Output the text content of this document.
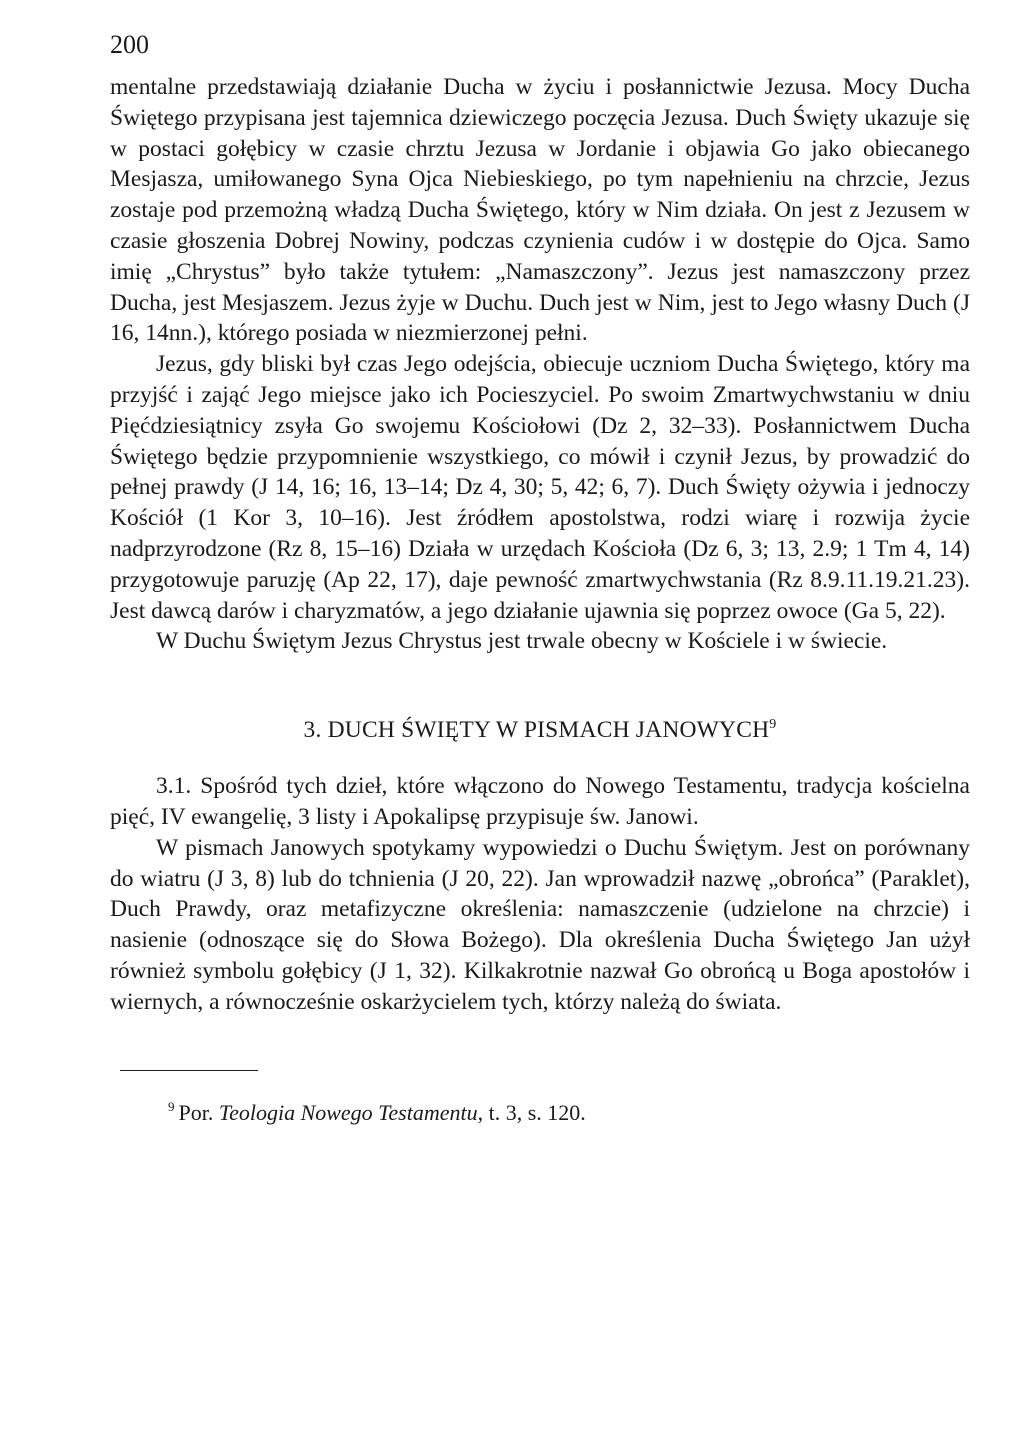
200

mentalne przedstawiają działanie Ducha w życiu i posłannictwie Jezusa. Mocy Ducha Świętego przypisana jest tajemnica dziewiczego poczęcia Jezusa. Duch Święty ukazuje się w postaci gołębicy w czasie chrztu Jezusa w Jordanie i objawia Go jako obiecanego Mesjasza, umiłowanego Syna Ojca Niebieskiego, po tym napełnieniu na chrzcie, Jezus zostaje pod przemożną władzą Ducha Świętego, który w Nim działa. On jest z Jezusem w czasie głoszenia Dobrej Nowiny, podczas czynienia cudów i w dostępie do Ojca. Samo imię „Chrystus” było także tytułem: „Namaszczony”. Jezus jest namaszczony przez Ducha, jest Mesjaszem. Jezus żyje w Duchu. Duch jest w Nim, jest to Jego własny Duch (J 16, 14nn.), którego posiada w niezmierzonej pełni.

Jezus, gdy bliski był czas Jego odejścia, obiecuje uczniom Ducha Świętego, który ma przyjść i zająć Jego miejsce jako ich Pocieszyciel. Po swoim Zmartwychwstaniu w dniu Pięćdziesiątnicy zsyła Go swojemu Kościołowi (Dz 2, 32–33). Posłannictwem Ducha Świętego będzie przypomnienie wszystkiego, co mówił i czynił Jezus, by prowadzić do pełnej prawdy (J 14, 16; 16, 13–14; Dz 4, 30; 5, 42; 6, 7). Duch Święty ożywia i jednoczy Kościół (1 Kor 3, 10–16). Jest źródłem apostolstwa, rodzi wiarę i rozwija życie nadprzyrodzone (Rz 8, 15–16) Działa w urzędach Kościoła (Dz 6, 3; 13, 2.9; 1 Tm 4, 14) przygotowuje paruzję (Ap 22, 17), daje pewność zmartwychwstania (Rz 8.9.11.19.21.23). Jest dawcą darów i charyzmatów, a jego działanie ujawnia się poprzez owoce (Ga 5, 22).

W Duchu Świętym Jezus Chrystus jest trwale obecny w Kościele i w świecie.

3. DUCH ŚWIĘTY W PISMACH JANOWYCH$^9$

3.1. Spośród tych dzieł, które włączono do Nowego Testamentu, tradycja kościelna pięć, IV ewangelię, 3 listy i Apokalipsę przypisuje św. Janowi.

W pismach Janowych spotykamy wypowiedzi o Duchu Świętym. Jest on porównany do wiatru (J 3, 8) lub do tchnienia (J 20, 22). Jan wprowadził nazwę „obrońca” (Paraklet), Duch Prawdy, oraz metafizyczne określenia: namaszczenie (udzielone na chrzcie) i nasienie (odnoszące się do Słowa Bożego). Dla określenia Ducha Świętego Jan użył również symbolu gołębicy (J 1, 32). Kilkakrotnie nazwał Go obrońcą u Boga apostołów i wiernych, a równocześnie oskarżycielem tych, którzy należą do świata.

$^9$ Por. Teologia Nowego Testamentu, t. 3, s. 120.
